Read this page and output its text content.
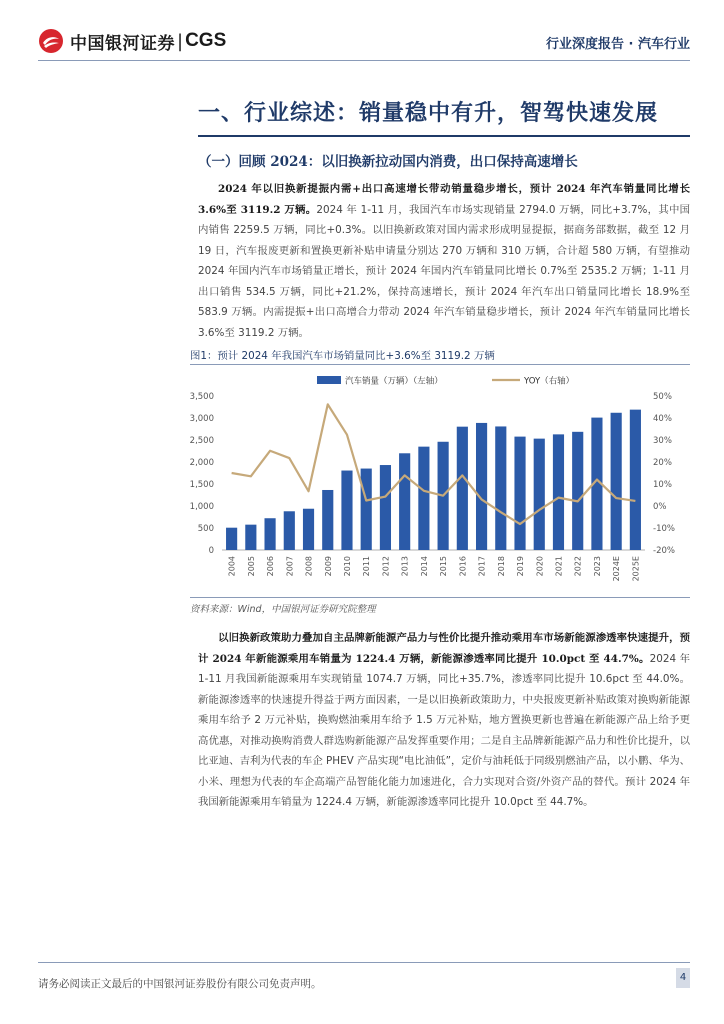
中国银河证券 | CGS	行业深度报告 · 汽车行业
一、行业综述：销量稳中有升，智驾快速发展
（一）回顾 2024：以旧换新拉动国内消费，出口保持高速增长
2024 年以旧换新提振内需+出口高速增长带动销量稳步增长，预计 2024 年汽车销量同比增长 3.6%至 3119.2 万辆。2024 年 1-11 月，我国汽车市场实现销量 2794.0 万辆，同比+3.7%，其中国内销售 2259.5 万辆，同比+0.3%。以旧换新政策对国内需求形成明显提振，据商务部数据，截至 12 月 19 日，汽车报废更新和置换更新补贴申请量分别达 270 万辆和 310 万辆，合计超 580 万辆，有望推动 2024 年国内汽车市场销量正增长，预计 2024 年国内汽车销量同比增长 0.7%至 2535.2 万辆；1-11 月出口销售 534.5 万辆，同比+21.2%，保持高速增长，预计 2024 年汽车出口销量同比增长 18.9%至 583.9 万辆。内需提振+出口高增合力带动 2024 年汽车销量稳步增长，预计 2024 年汽车销量同比增长 3.6%至 3119.2 万辆。
图1：预计 2024 年我国汽车市场销量同比+3.6%至 3119.2 万辆
0
500
1,000
1,500
2,000
2,500
3,000
3,500
-20%
-10%
0%
10%
20%
30%
40%
50%
2004 2005 2006 2007 2008 2009 2010 2011 2012 2013 2014 2015 2016 2017 2018 2019 2020 2021 2022 2023 2024E 2025E
汽车销量（万辆）（左轴）	YOY（右轴）
资料来源：Wind，中国银河证券研究院整理
以旧换新政策助力叠加自主品牌新能源产品力与性价比提升推动乘用车市场新能源渗透率快速提升，预计 2024 年新能源乘用车销量为 1224.4 万辆，新能源渗透率同比提升 10.0pct 至 44.7%。2024 年 1-11 月我国新能源乘用车实现销量 1074.7 万辆，同比+35.7%，渗透率同比提升 10.6pct 至 44.0%。新能源渗透率的快速提升得益于两方面因素，一是以旧换新政策助力，中央报废更新补贴政策对换购新能源乘用车给予 2 万元补贴，换购燃油乘用车给予 1.5 万元补贴，地方置换更新也普遍在新能源产品上给予更高优惠，对推动换购消费人群选购新能源产品发挥重要作用；二是自主品牌新能源产品力和性价比提升，以比亚迪、吉利为代表的车企 PHEV 产品实现“电比油低”，定价与油耗低于同级别燃油产品，以小鹏、华为、小米、理想为代表的车企高端产品智能化能力加速进化，合力实现对合资/外资产品的替代。预计 2024 年我国新能源乘用车销量为 1224.4 万辆，新能源渗透率同比提升 10.0pct 至 44.7%。
请务必阅读正文最后的中国银河证券股份有限公司免责声明。
4
